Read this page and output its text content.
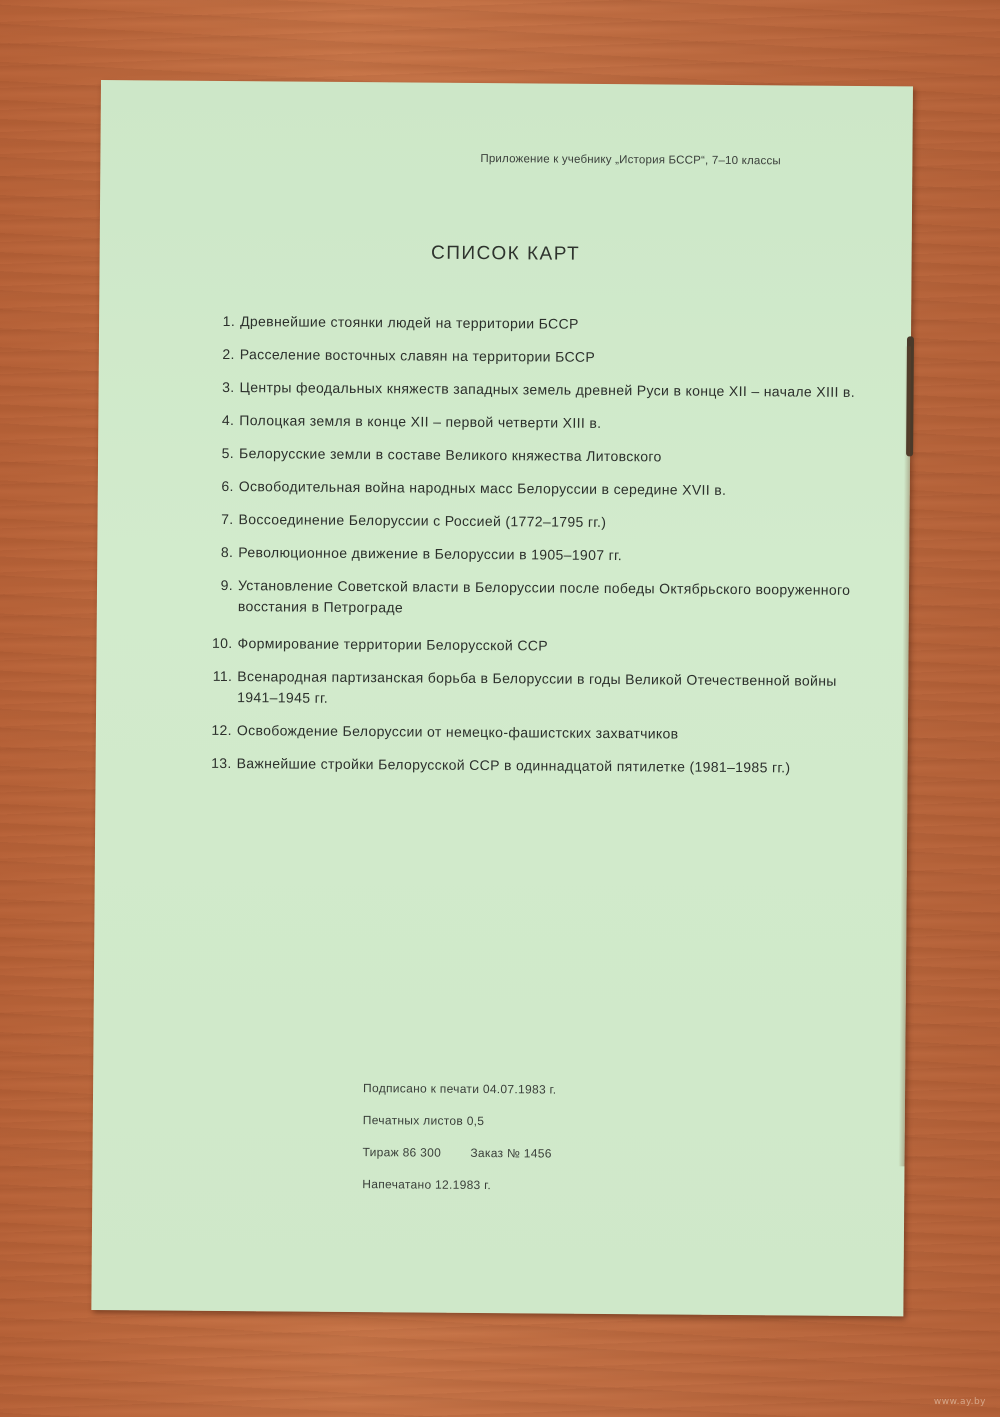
Приложение к учебнику „История БССР“, 7–10 классы
СПИСОК КАРТ
1. Древнейшие стоянки людей на территории БССР
2. Расселение восточных славян на территории БССР
3. Центры феодальных княжеств западных земель древней Руси в конце XII – начале XIII в.
4. Полоцкая земля в конце XII – первой четверти XIII в.
5. Белорусские земли в составе Великого княжества Литовского
6. Освободительная война народных масс Белоруссии в середине XVII в.
7. Воссоединение Белоруссии с Россией (1772–1795 гг.)
8. Революционное движение в Белоруссии в 1905–1907 гг.
9. Установление Советской власти в Белоруссии после победы Октябрьского вооруженного восстания в Петрограде
10. Формирование территории Белорусской ССР
11. Всенародная партизанская борьба в Белоруссии в годы Великой Отечественной войны 1941–1945 гг.
12. Освобождение Белоруссии от немецко-фашистских захватчиков
13. Важнейшие стройки Белорусской ССР в одиннадцатой пятилетке (1981–1985 гг.)
Подписано к печати 04.07.1983 г.
Печатных листов 0,5
Тираж 86 300 Заказ № 1456
Напечатано 12.1983 г.
www.ay.by
